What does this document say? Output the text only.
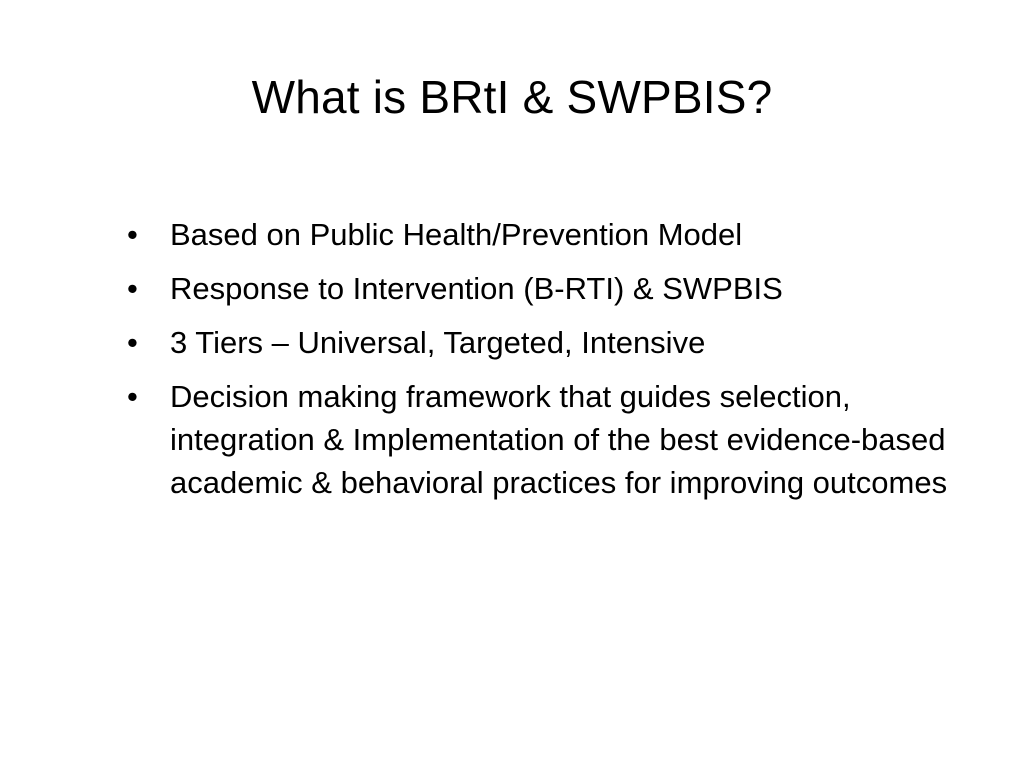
What is BRtI & SWPBIS?
•	Based on Public Health/Prevention Model
•	Response to Intervention (B-RTI) & SWPBIS
•	3 Tiers – Universal, Targeted, Intensive
•	Decision making framework that guides selection, integration & Implementation of the best evidence-based academic & behavioral practices for improving outcomes
